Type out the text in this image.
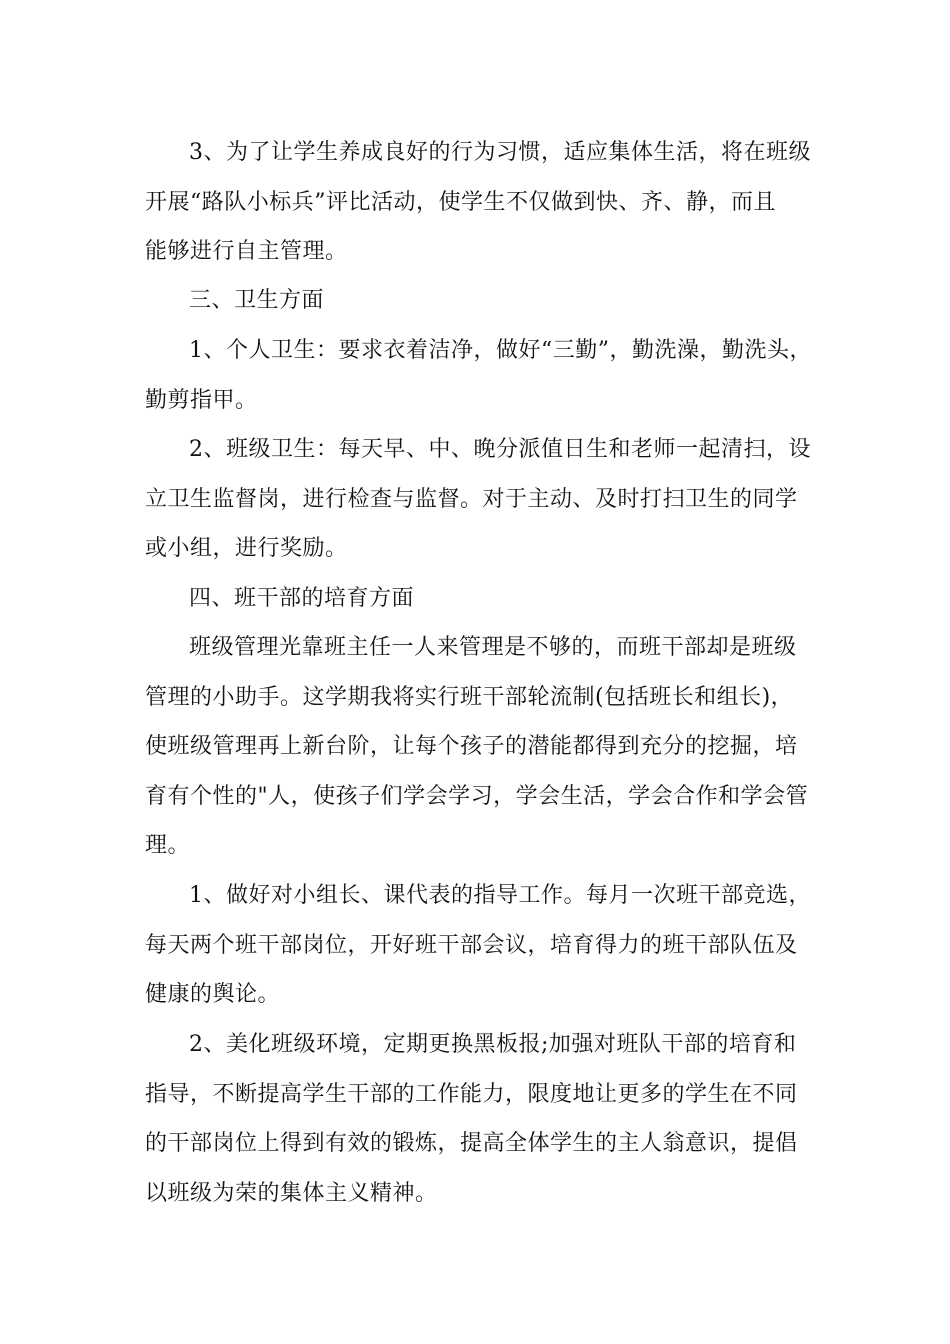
3、为了让学生养成良好的行为习惯，适应集体生活，将在班级
开展“路队小标兵”评比活动，使学生不仅做到快、齐、静，而且
能够进行自主管理。
三、卫生方面
1、个人卫生：要求衣着洁净，做好“三勤”，勤洗澡，勤洗头，
勤剪指甲。
2、班级卫生：每天早、中、晚分派值日生和老师一起清扫，设
立卫生监督岗，进行检查与监督。对于主动、及时打扫卫生的同学
或小组，进行奖励。
四、班干部的培育方面
班级管理光靠班主任一人来管理是不够的，而班干部却是班级
管理的小助手。这学期我将实行班干部轮流制(包括班长和组长)，
使班级管理再上新台阶，让每个孩子的潜能都得到充分的挖掘，培
育有个性的"人，使孩子们学会学习，学会生活，学会合作和学会管
理。
1、做好对小组长、课代表的指导工作。每月一次班干部竞选，
每天两个班干部岗位，开好班干部会议，培育得力的班干部队伍及
健康的舆论。
2、美化班级环境，定期更换黑板报;加强对班队干部的培育和
指导，不断提高学生干部的工作能力，限度地让更多的学生在不同
的干部岗位上得到有效的锻炼，提高全体学生的主人翁意识，提倡
以班级为荣的集体主义精神。
